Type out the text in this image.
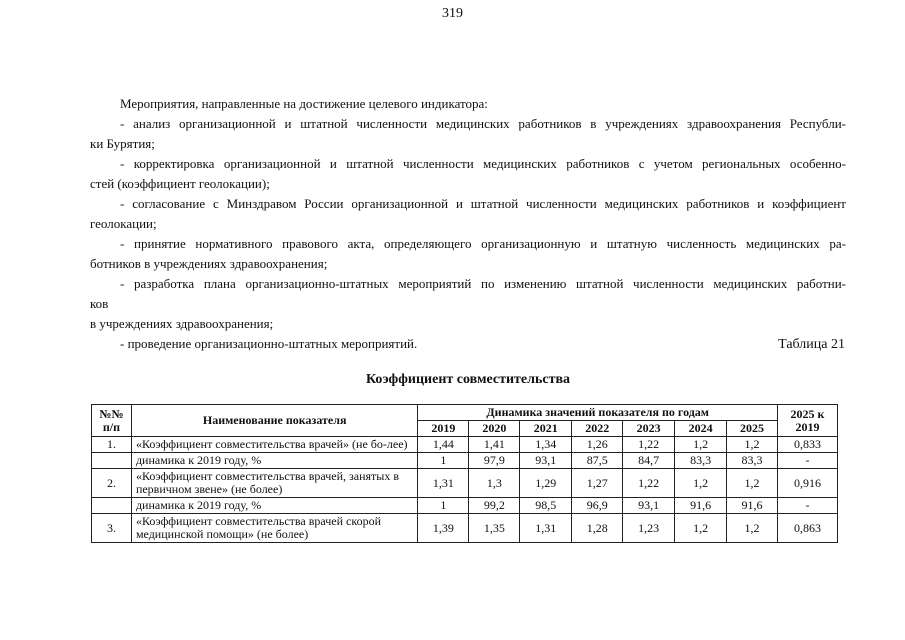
319

Мероприятия, направленные на достижение целевого индикатора:

- анализ организационной и штатной численности медицинских работников в учреждениях здравоохранения Республи-

ки Бурятия;

- корректировка организационной и штатной численности медицинских работников с учетом региональных особенно-

стей (коэффициент геолокации);

- согласование с Минздравом России организационной и штатной численности медицинских работников и коэффициент

геолокации;

- принятие нормативного правового акта, определяющего организационную и штатную численность медицинских ра-

ботников в учреждениях здравоохранения;

- разработка плана организационно-штатных мероприятий по изменению штатной численности медицинских работни-

ков

в учреждениях здравоохранения;

- проведение организационно-штатных мероприятий.	Таблица 21
Коэффициент совместительства
№№ п/п	Наименование показателя	Динамика значений показателя по годам							2025 к 2019
		2019	2020	2021	2022	2023	2024	2025	
1.	«Коэффициент совместительства врачей» (не бо-лее)	1,44	1,41	1,34	1,26	1,22	1,2	1,2	0,833
	динамика к 2019 году, %	1	97,9	93,1	87,5	84,7	83,3	83,3	-
2.	«Коэффициент совместительства врачей, занятых в первичном звене» (не более)	1,31	1,3	1,29	1,27	1,22	1,2	1,2	0,916
	динамика к 2019 году, %	1	99,2	98,5	96,9	93,1	91,6	91,6	-
3.	«Коэффициент совместительства врачей скорой медицинской помощи» (не более)	1,39	1,35	1,31	1,28	1,23	1,2	1,2	0,863
